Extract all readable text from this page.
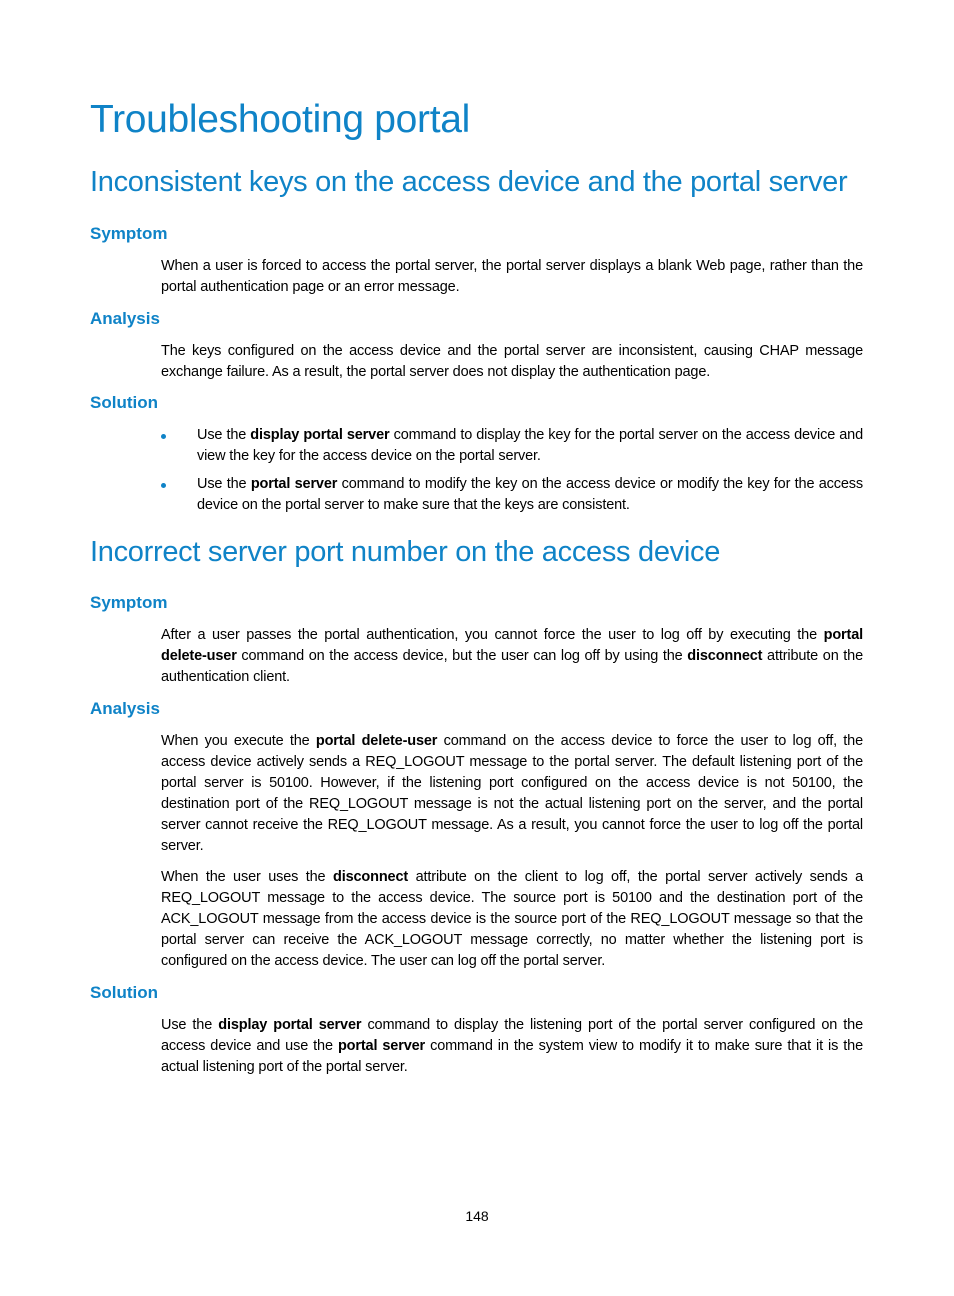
Troubleshooting portal
Inconsistent keys on the access device and the portal server
Symptom

When a user is forced to access the portal server, the portal server displays a blank Web page, rather than the portal authentication page or an error message.

Analysis

The keys configured on the access device and the portal server are inconsistent, causing CHAP message exchange failure. As a result, the portal server does not display the authentication page.

Solution

Use the display portal server command to display the key for the portal server on the access device and view the key for the access device on the portal server.

Use the portal server command to modify the key on the access device or modify the key for the access device on the portal server to make sure that the keys are consistent.

Incorrect server port number on the access device
Symptom

After a user passes the portal authentication, you cannot force the user to log off by executing the portal delete-user command on the access device, but the user can log off by using the disconnect attribute on the authentication client.

Analysis

When you execute the portal delete-user command on the access device to force the user to log off, the access device actively sends a REQ_LOGOUT message to the portal server. The default listening port of the portal server is 50100. However, if the listening port configured on the access device is not 50100, the destination port of the REQ_LOGOUT message is not the actual listening port on the server, and the portal server cannot receive the REQ_LOGOUT message. As a result, you cannot force the user to log off the portal server.

When the user uses the disconnect attribute on the client to log off, the portal server actively sends a REQ_LOGOUT message to the access device. The source port is 50100 and the destination port of the ACK_LOGOUT message from the access device is the source port of the REQ_LOGOUT message so that the portal server can receive the ACK_LOGOUT message correctly, no matter whether the listening port is configured on the access device. The user can log off the portal server.

Solution

Use the display portal server command to display the listening port of the portal server configured on the access device and use the portal server command in the system view to modify it to make sure that it is the actual listening port of the portal server.

148
